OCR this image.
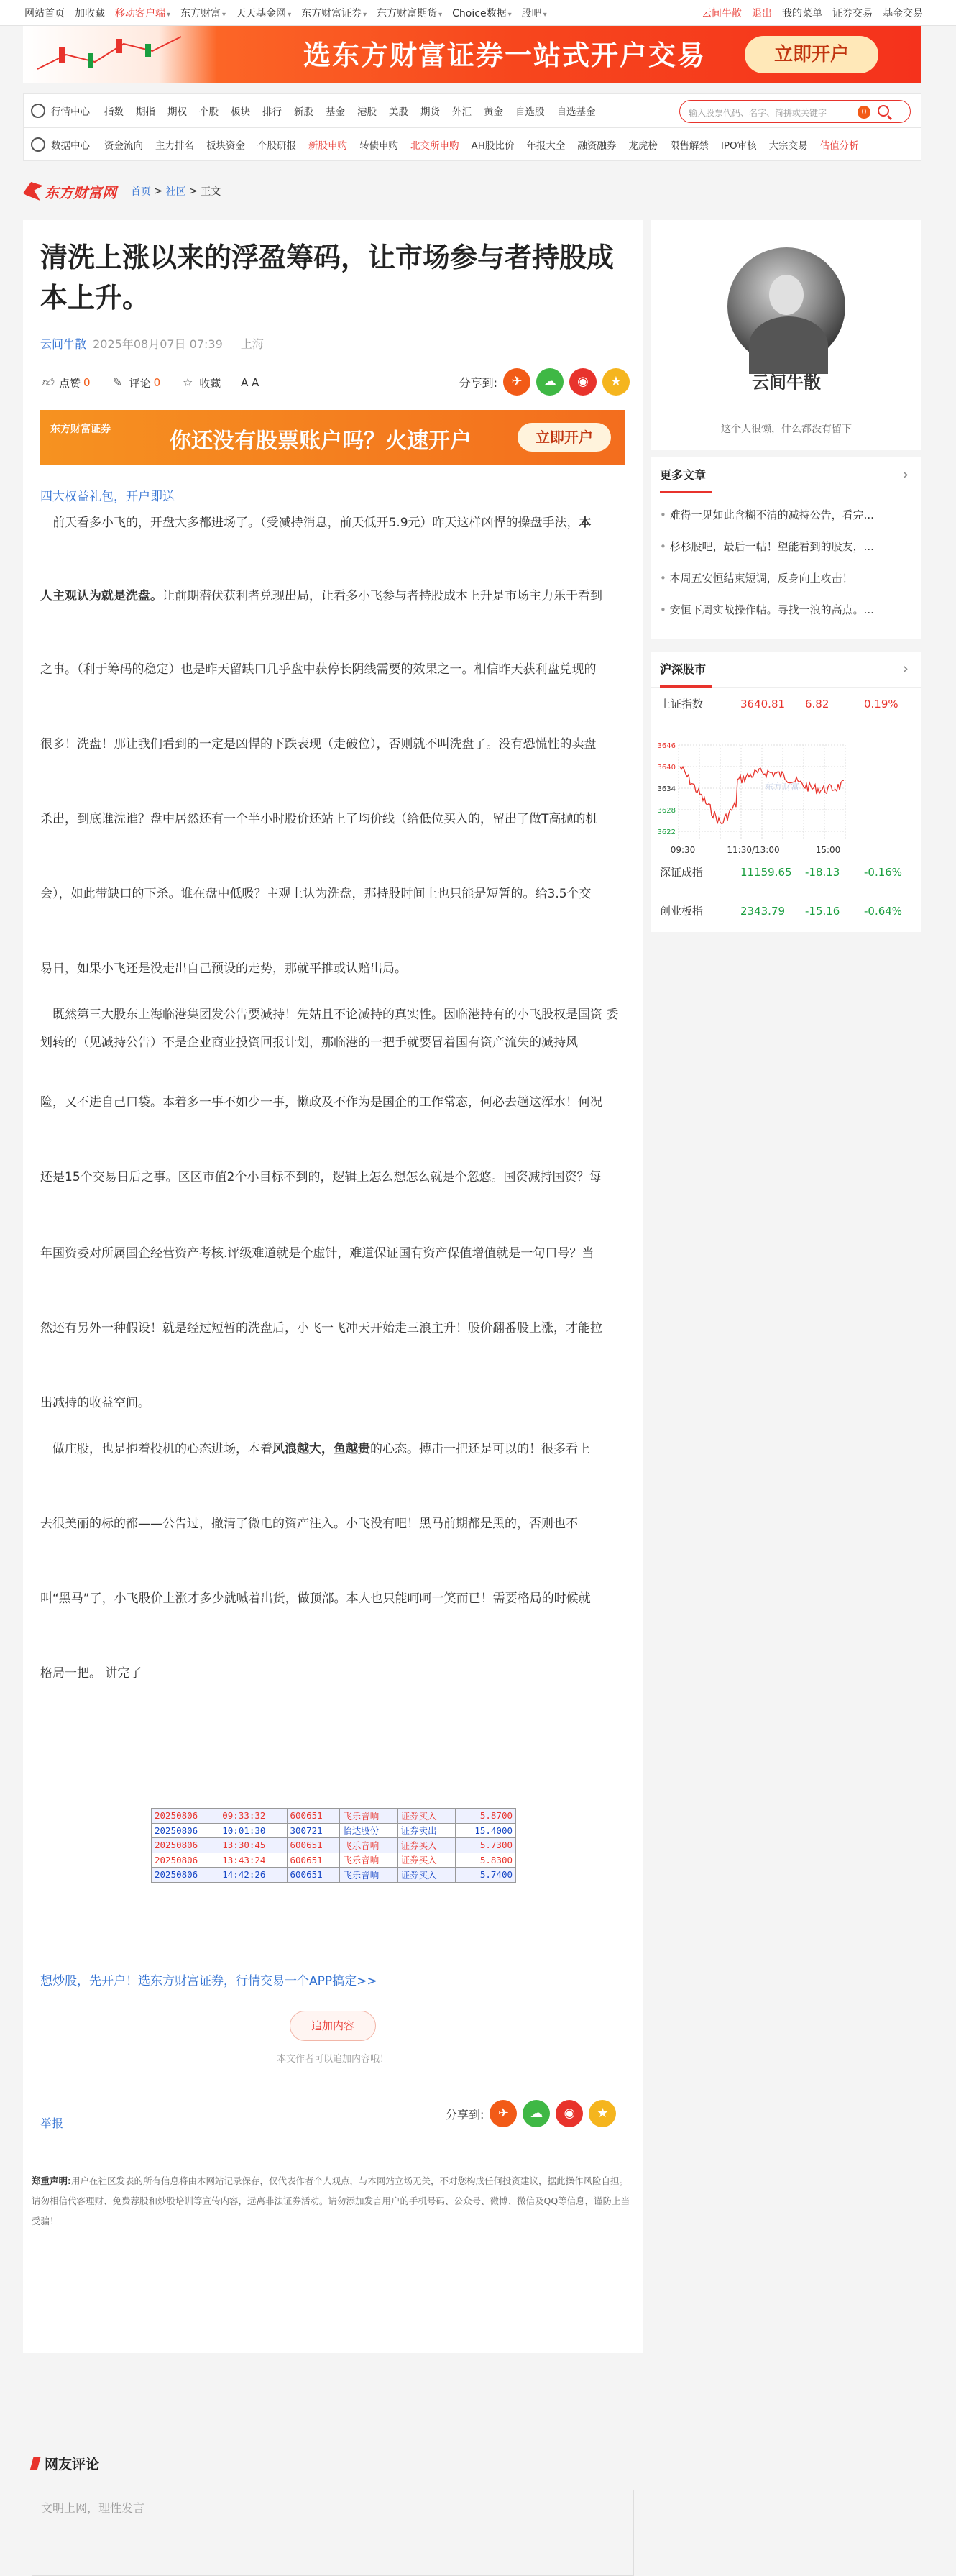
网站首页 加收藏 移动客户端 ▾	东方财富 ▾	天天基金网 ▾	东方财富证券 ▾	东方财富期货 ▾	Choice数据 ▾	股吧 ▾	云间牛散 退出 我的菜单 证券交易 基金交易
选东方财富证券一站式开户交易	立即开户
行情中心 指数 期指 期权 个股 板块 排行 新股 基金 港股 美股 期货 外汇 黄金 自选股 自选基金	输入股票代码、名字、简拼或关键字	0
数据中心 资金流向 主力排名 板块资金 个股研报 新股申购 转债申购 北交所申购 AH股比价 年报大全 融资融券 龙虎榜 限售解禁 IPO审核 大宗交易 估值分析
东方财富网 首页 > 社区 > 正文
清洗上涨以来的浮盈筹码，让市场参与者持股成本上升。
云间牛散 2025年08月07日 07:39 上海
👍︎ 点赞 0 ✎ 评论 0 ☆ 收藏 A A	分享到:	✈	☁	◉	★
东方财富证券	你还没有股票账户吗？火速开户	立即开户
四大权益礼包，开户即送
　前天看多小飞的，开盘大多都进场了。（受减持消息，前天低开5.9元）昨天这样凶悍的操盘手法，本
人主观认为就是洗盘。让前期潜伏获利者兑现出局，让看多小飞参与者持股成本上升是市场主力乐于看到
之事。（利于筹码的稳定）也是昨天留缺口几乎盘中获停长阴线需要的效果之一。相信昨天获利盘兑现的
很多！洗盘！那让我们看到的一定是凶悍的下跌表现（走破位），否则就不叫洗盘了。没有恐慌性的卖盘
杀出，到底谁洗谁？盘中居然还有一个半小时股价还站上了均价线（给低位买入的，留出了做T高抛的机
会），如此带缺口的下杀。谁在盘中低吸？主观上认为洗盘，那持股时间上也只能是短暂的。给3.5个交
易日，如果小飞还是没走出自己预设的走势，那就平推或认赔出局。
　既然第三大股东上海临港集团发公告要减持！先姑且不论减持的真实性。因临港持有的小飞股权是国资 委划转的（见减持公告）不是企业商业投资回报计划，那临港的一把手就要冒着国有资产流失的减持风
险，又不进自己口袋。本着多一事不如少一事，懒政及不作为是国企的工作常态，何必去趟这浑水！何况
还是15个交易日后之事。区区市值2个小目标不到的，逻辑上怎么想怎么就是个忽悠。国资减持国资？每
年国资委对所属国企经营资产考核.评级难道就是个虚针，难道保证国有资产保值增值就是一句口号？当
然还有另外一种假设！就是经过短暂的洗盘后，小飞一飞冲天开始走三浪主升！股价翻番股上涨，才能拉
出减持的收益空间。
　做庄股，也是抱着投机的心态进场，本着风浪越大，鱼越贵的心态。搏击一把还是可以的！很多看上
去很美丽的标的都——公告过，撤清了微电的资产注入。小飞没有吧！黑马前期都是黑的，否则也不
叫“黑马”了，小飞股价上涨才多少就喊着出货，做顶部。本人也只能呵呵一笑而已！需要格局的时候就
格局一把。 讲完了
20250806	09:33:32	600651	飞乐音响	证券买入	5.8700
20250806	10:01:30	300721	怡达股份	证券卖出	15.4000
20250806	13:30:45	600651	飞乐音响	证券买入	5.7300
20250806	13:43:24	600651	飞乐音响	证券买入	5.8300
20250806	14:42:26	600651	飞乐音响	证券买入	5.7400
想炒股，先开户！选东方财富证券，行情交易一个APP搞定>>
追加内容
本文作者可以追加内容哦！
举报
分享到:	✈	☁	◉	★
郑重声明:用户在社区发表的所有信息将由本网站记录保存，仅代表作者个人观点，与本网站立场无关，不对您构成任何投资建议，据此操作风险自担。请勿相信代客理财、免费荐股和炒股培训等宣传内容，远离非法证券活动。请勿添加发言用户的手机号码、公众号、微博、微信及QQ等信息，谨防上当受骗！
网友评论
文明上网，理性发言
云间牛散
这个人很懒，什么都没有留下
更多文章	›
• 难得一见如此含糊不清的减持公告，看完...
• 杉杉股吧，最后一帖！望能看到的股友，...
• 本周五安恒结束短调，反身向上攻击！
• 安恒下周实战操作帖。寻找一浪的高点。...
沪深股市	›
上证指数	3640.81 6.82	0.19%
东方财富
3646
3640
3634
3628
3622
09:30	11:30/13:00	15:00
深证成指	11159.65 -18.13 -0.16%
创业板指	2343.79 -15.16 -0.64%
